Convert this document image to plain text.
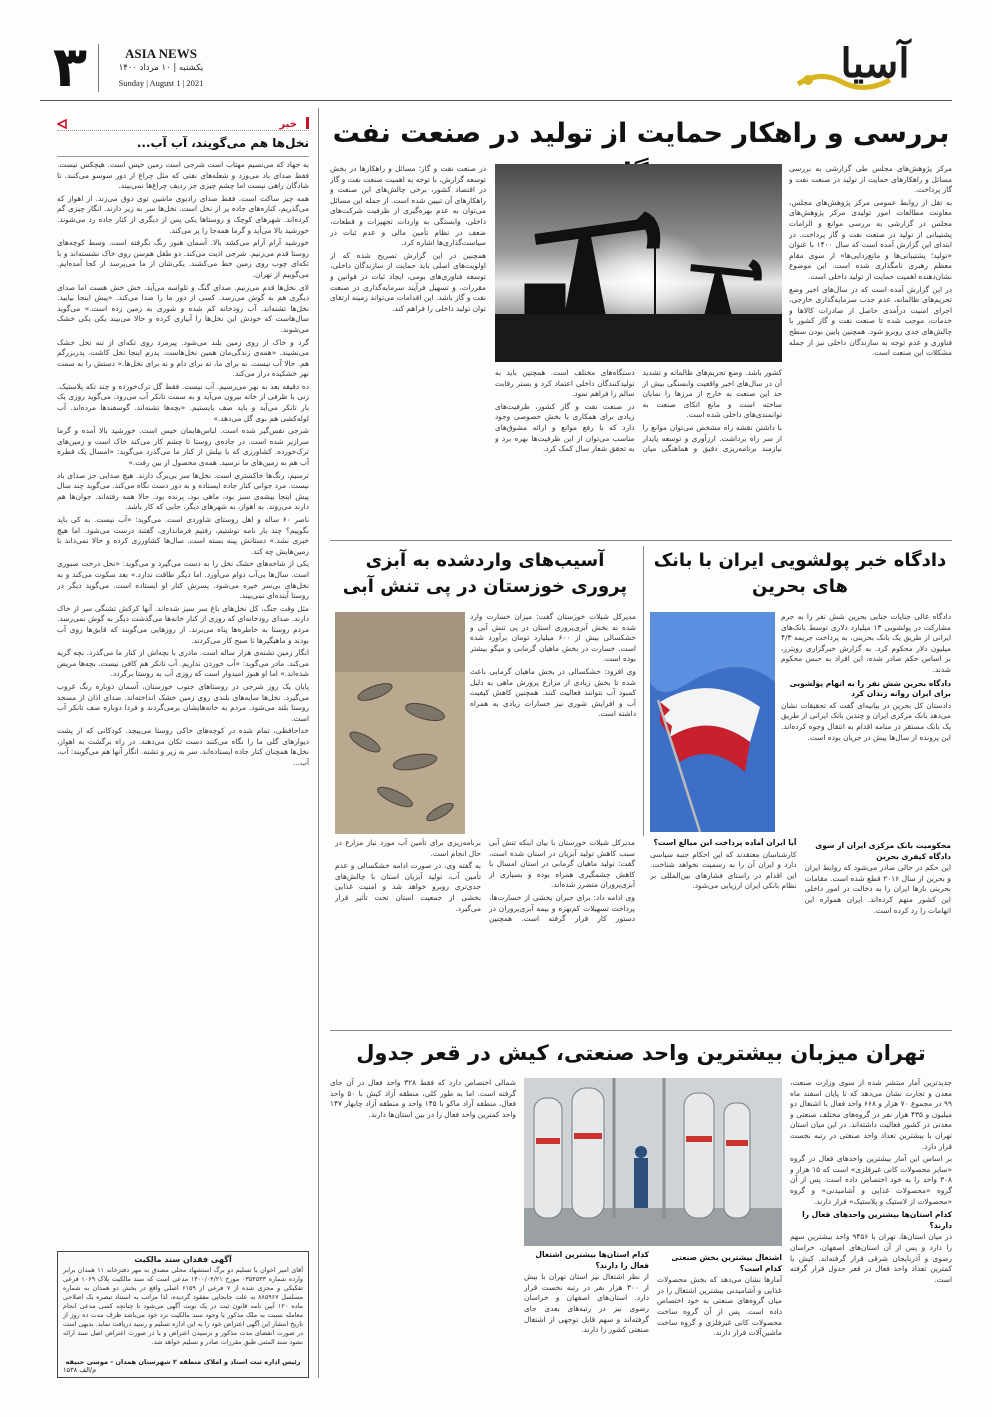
۳	ASIA NEWS
یکشنبه | ۱۰ مرداد ۱۴۰۰
Sunday | August 1 | 2021	آسیا
خبر
نخل‌ها هم می‌گویند، آب آب...

به جهاد که می‌نسیم مهتاب است شرجی است زمین خیس است. هیچکس نیست. فقط صدای باد می‌وزد و شعله‌های نفتی که مثل چراغ از دور سوسو می‌کنند. تا شادگان راهی نیست اما چشم چیزی جز ردیف چراغ‌ها نمی‌بیند.

همه چیز ساکت است. فقط صدای رادیوی ماشین توی دوق می‌زند. از اهواز که می‌گذریم، کناره‌های جاده پر از نخل است. نخل‌ها سر به زیر دارند. انگار چیزی گم کرده‌اند. شهرهای کوچک و روستاها یکی پس از دیگری از کنار جاده رد می‌شوند. خورشید بالا می‌آید و گرما همه‌جا را پر می‌کند.

خورشید آرام آرام می‌کشد بالا. آسمان هنوز رنگ نگرفته است. وسط کوچه‌های روستا قدم می‌زنیم. شرجی اذیت می‌کند. دو طفل هم‌سن روی خاک نشسته‌اند و با تکه‌ای چوب روی زمین خط می‌کشند. یکی‌شان از ما می‌پرسد از کجا آمده‌ایم. می‌گوییم از تهران.

لای نخل‌ها قدم می‌زنیم. صدای گنگ و تلواسه می‌آید. خش خش هست اما صدای دیگری هم به گوش می‌رسد. کسی از دور ما را صدا می‌کند. «پیش اینجا بیایید. نخل‌ها تشنه‌اند. آب رودخانه کم شده و شوری به زمین زده است.» می‌گوید سال‌هاست که خودش این نخل‌ها را آبیاری کرده و حالا می‌بیند یکی یکی خشک می‌شوند.

گرد و خاک از روی زمین بلند می‌شود. پیرمرد روی تکه‌ای از تنه نخل خشک می‌نشیند. «همه‌ی زندگی‌مان همین نخل‌هاست. پدرم اینجا نخل کاشت. پدربزرگم هم. حالا آب نیست. نه برای ما، نه برای دام و نه برای نخل‌ها.» دستش را به سمت نهر خشکیده دراز می‌کند.

ده دقیقه بعد به نهر می‌رسیم. آب نیست. فقط گل ترک‌خورده و چند تکه پلاستیک. زنی با ظرفی از خانه بیرون می‌آید و به سمت تانکر آب می‌رود. می‌گوید روزی یک بار تانکر می‌آید و باید صف بایستیم. «بچه‌ها تشنه‌اند. گوسفندها مرده‌اند. آب لوله‌کشی هم بوی گل می‌دهد.»

شرجی نفس‌گیر شده است. لباس‌هایمان خیس است. خورشید بالا آمده و گرما سرازیر شده است. در جاده‌ی روستا تا چشم کار می‌کند خاک است و زمین‌های ترک‌خورده. کشاورزی که با بیلش از کنار ما می‌گذرد می‌گوید: «امسال یک قطره آب هم به زمین‌های ما نرسید. همه‌ی محصول از بین رفت.»

ترسیم، رنگ‌ها خاکستری است. نخل‌ها سر بی‌برگ دارند. هیچ صدایی جز صدای باد نیست. مرد جوانی کنار جاده ایستاده و به دور دست نگاه می‌کند. می‌گوید چند سال پیش اینجا بیشه‌ی سبز بود، ماهی بود، پرنده بود. حالا همه رفته‌اند. جوان‌ها هم دارند می‌روند. به اهواز، به شهرهای دیگر، جایی که کار باشد.

ناصر ۶۰ ساله و اهل روستای شاوردی است. می‌گوید: «آب نیست. به کی باید بگوییم؟ چند بار نامه نوشتیم، رفتیم فرمانداری، گفتند درست می‌شود. اما هیچ خبری نشد.» دستانش پینه بسته است. سال‌ها کشاورزی کرده و حالا نمی‌داند با زمین‌هایش چه کند.

یکی از شاخه‌های خشک نخل را به دست می‌گیرد و می‌گوید: «نخل درخت صبوری است. سال‌ها بی‌آب دوام می‌آورد. اما دیگر طاقت ندارد.» بعد سکوت می‌کند و به نخل‌های بی‌سر خیره می‌شود. پسرش کنار او ایستاده است. می‌گوید دیگر در روستا آینده‌ای نمی‌بیند.

مثل وقت جنگ، کل نخل‌های باغ سر سبز شده‌اند. آنها کرکش تشنگی سر از خاک دارند. صدای رودخانه‌ای که روزی از کنار خانه‌ها می‌گذشت دیگر به گوش نمی‌رسد. مردم روستا به خاطره‌ها پناه می‌برند. از روزهایی می‌گویند که قایق‌ها روی آب بودند و ماهیگیرها تا صبح کار می‌کردند.

انگار زمین تشنه‌ی هزار ساله است. مادری با بچه‌اش از کنار ما می‌گذرد. بچه گریه می‌کند. مادر می‌گوید: «آب خوردن نداریم. آب تانکر هم کافی نیست. بچه‌ها مریض شده‌اند.» اما او هنوز امیدوار است که روزی آب به روستا برگردد.

پایان یک روز شرجی در روستاهای جنوب خوزستان، آسمان دوباره رنگ غروب می‌گیرد. نخل‌ها سایه‌های بلندی روی زمین خشک انداخته‌اند. صدای اذان از مسجد روستا بلند می‌شود. مردم به خانه‌هایشان برمی‌گردند و فردا دوباره صف تانکر آب است.

خداحافظی، تمام شده در کوچه‌های خاکی روستا می‌پیچد. کودکانی که از پشت دیوارهای گلی ما را نگاه می‌کنند دست تکان می‌دهند. در راه برگشت به اهواز، نخل‌ها همچنان کنار جاده ایستاده‌اند. سر به زیر و تشنه. انگار آنها هم می‌گویند: آب، آب...

آگهی فقدان سند مالکیت
آقای امیر اخوان با تسلیم دو برگ استشهاد محلی مصدق به مهر دفترخانه ۱۱ همدان برابر وارده شماره ۰۳۵۴۵۳۳ مورخ ۱۴۰۰/۰۴/۲۱ مدعی است که سند مالکیت پلاک ۱۰۶۹ فرعی تفکیکی و مجزی شده از ۷ فرعی از ۶۱۵۹ اصلی واقع در بخش دو همدان به شماره مسلسل ۸۸۵۹۶۷ به علت جابجایی مفقود گردیده، لذا مراتب به استناد تبصره یک اصلاحی ماده ۱۲۰ آیین نامه قانون ثبت در یک نوبت آگهی می‌شود تا چنانچه کسی مدعی انجام معامله نسبت به ملک مذکور یا وجود سند مالکیت نزد خود می‌باشد ظرف مدت ده روز از تاریخ انتشار این آگهی اعتراض خود را به این اداره تسلیم و رسید دریافت نماید. بدیهی است در صورت انقضای مدت مذکور و نرسیدن اعتراض و یا در صورت اعتراض اصل سند ارائه نشود سند المثنی طبق مقررات صادر و تسلیم خواهد شد.
رئیس اداره ثبت اسناد و املاک منطقه ۲ شهرستان همدان - موسی حنیفه
م/الف ۱۵۳۸
بررسی و راهکار حمایت از تولید در صنعت نفت

مرکز پژوهش‌های مجلس طی گزارشی به بررسی مسائل و راهکارهای حمایت از تولید در صنعت نفت و گاز پرداخت.

به تقل از روابط عمومی مرکز پژوهش‌های مجلس، معاونت مطالعات امور تولیدی مرکز پژوهش‌های مجلس در گزارشی به بررسی موانع و الزامات پشتیبانی از تولید در صنعت نفت و گاز پرداخت. در ابتدای این گزارش آمده است که سال ۱۴۰۰ با عنوان «تولید؛ پشتیبانی‌ها و مانع‌زدایی‌ها» از سوی مقام معظم رهبری نامگذاری شده است. این موضوع نشان‌دهنده اهمیت حمایت از تولید داخلی است.

در این گزارش آمده است که در سال‌های اخیر وضع تحریم‌های ظالمانه، عدم جذب سرمایه‌گذاری خارجی، اجرای امنیت درآمدی حاصل از صادرات کالاها و خدمات، موجب شده تا صنعت نفت و گاز کشور با چالش‌های جدی روبرو شود. همچنین پایین بودن سطح فناوری و عدم توجه به سازندگان داخلی نیز از جمله مشکلات این صنعت است.

در صنعت نفت و گاز؛ مسائل و راهکارها در بخش توسعه گزارش، با توجه به اهمیت صنعت نفت و گاز در اقتصاد کشور، برخی چالش‌های این صنعت و راهکارهای آن تبیین شده است. از جمله این مسائل می‌توان به عدم بهره‌گیری از ظرفیت شرکت‌های داخلی، وابستگی به واردات تجهیزات و قطعات، ضعف در نظام تأمین مالی و عدم ثبات در سیاست‌گذاری‌ها اشاره کرد.

همچنین در این گزارش تصریح شده که از اولویت‌های اصلی باید حمایت از سازندگان داخلی، توسعه فناوری‌های بومی، ایجاد ثبات در قوانین و مقررات، و تسهیل فرآیند سرمایه‌گذاری در صنعت نفت و گاز باشد. این اقدامات می‌تواند زمینه ارتقای توان تولید داخلی را فراهم کند.

کشور باشد. وضع تحریم‌های ظالمانه و تشدید آن در سال‌های اخیر واقعیت وابستگی بیش از حد این صنعت به خارج از مرزها را نمایان ساخته است و مانع اتکای صنعت به توانمندی‌های داخلی شده است.

با داشتن نقشه راه مشخص می‌توان موانع را از سر راه برداشت. ارزآوری و توسعه پایدار نیازمند برنامه‌ریزی دقیق و هماهنگی میان دستگاه‌های مختلف است. همچنین باید به تولیدکنندگان داخلی اعتماد کرد و بستر رقابت سالم را فراهم نمود.

در صنعت نفت و گاز کشور، ظرفیت‌های زیادی برای همکاری با بخش خصوصی وجود دارد که با رفع موانع و ارائه مشوق‌های مناسب می‌توان از این ظرفیت‌ها بهره برد و به تحقق شعار سال کمک کرد.

دادگاه خبر پولشویی ایران با بانک های بحرین

دادگاه عالی جنایات جنایی بحرین شش نفر را به جرم مشارکت در پولشویی ۱۳ میلیارد دلاری توسط بانک‌های ایرانی از طریق یک بانک بحرینی، به پرداخت جریمه ۴/۳ میلیون دلار محکوم کرد. به گزارش خبرگزاری رویترز، بر اساس حکم صادر شده، این افراد به حبس محکوم شدند.

دادگاه بحرین شش نفر را به اتهام پولشویی برای ایران روانه زندان کرد

دادستان کل بحرین در بیانیه‌ای گفت که تحقیقات نشان می‌دهد بانک مرکزی ایران و چندین بانک ایرانی از طریق یک بانک مستقر در منامه اقدام به انتقال وجوه کرده‌اند. این پرونده از سال‌ها پیش در جریان بوده است.

آسیب‌های واردشده به آبزی پروری خوزستان در پی تنش آبی

مدیرکل شیلات خوزستان گفت: میزان خسارت وارد شده به بخش آبزی‌پروری استان در پی تنش آبی و خشکسالی بیش از ۶۰۰ میلیارد تومان برآورد شده است. خسارت در بخش ماهیان گرمابی و میگو بیشتر بوده است.

وی افزود: خشکسالی در بخش ماهیان گرمابی باعث شده تا بخش زیادی از مزارع پرورش ماهی به دلیل کمبود آب نتوانند فعالیت کنند. همچنین کاهش کیفیت آب و افزایش شوری نیز خسارات زیادی به همراه داشته است.

محکومیت بانک مرکزی ایران از سوی دادگاه کیفری بحرین

این حکم در حالی صادر می‌شود که روابط ایران و بحرین از سال ۲۰۱۶ قطع شده است. مقامات بحرینی بارها ایران را به دخالت در امور داخلی این کشور متهم کرده‌اند. ایران همواره این اتهامات را رد کرده است.

آیا ایران آماده پرداخت این مبالغ است؟

کارشناسان معتقدند که این احکام جنبه سیاسی دارد و ایران آن را به رسمیت نخواهد شناخت. این اقدام در راستای فشارهای بین‌المللی بر نظام بانکی ایران ارزیابی می‌شود.

مدیرکل شیلات خوزستان با بیان اینکه تنش آبی سبب کاهش تولید آبزیان در استان شده است، گفت: تولید ماهیان گرمابی در استان امسال با کاهش چشمگیری همراه بوده و بسیاری از آبزی‌پروران متضرر شده‌اند.

وی ادامه داد: برای جبران بخشی از خسارت‌ها، پرداخت تسهیلات کم‌بهره و بیمه آبزی‌پروران در دستور کار قرار گرفته است. همچنین برنامه‌ریزی برای تأمین آب مورد نیاز مزارع در حال انجام است.

به گفته وی، در صورت ادامه خشکسالی و عدم تأمین آب، تولید آبزیان استان با چالش‌های جدی‌تری روبرو خواهد شد و امنیت غذایی بخشی از جمعیت استان تحت تأثیر قرار می‌گیرد.

تهران میزبان بیشترین واحد صنعتی، کیش در قعر جدول

جدیدترین آمار منتشر شده از سوی وزارت صنعت، معدن و تجارت نشان می‌دهد که تا پایان اسفند ماه ۹۹ در مجموع ۷۰ هزار و ۶۶۸ واحد فعال با اشتغال دو میلیون و ۴۳۵ هزار نفر در گروه‌های مختلف صنعتی و معدنی در کشور فعالیت داشته‌اند. در این میان استان تهران با بیشترین تعداد واحد صنعتی در رتبه نخست قرار دارد.

بر اساس این آمار بیشترین واحدهای فعال در گروه «سایر محصولات کانی غیرفلزی» است که ۱۵ هزار و ۳۰۸ واحد را به خود اختصاص داده است. پس از آن گروه «محصولات غذایی و آشامیدنی» و گروه «محصولات از لاستیک و پلاستیک» قرار دارند.

کدام استان‌ها بیشترین واحدهای فعال را دارند؟

در میان استان‌ها، تهران با ۹۴۵۶ واحد بیشترین سهم را دارد و پس از آن استان‌های اصفهان، خراسان رضوی و آذربایجان شرقی قرار گرفته‌اند. کیش با کمترین تعداد واحد فعال در قعر جدول قرار گرفته است.

اشتغال بیشترین بخش صنعتی کدام است؟

آمارها نشان می‌دهد که بخش محصولات غذایی و آشامیدنی بیشترین اشتغال را در میان گروه‌های صنعتی به خود اختصاص داده است. پس از آن گروه ساخت محصولات کانی غیرفلزی و گروه ساخت ماشین‌آلات قرار دارند.

کدام استان‌ها بیشترین اشتغال فعال را دارند؟

از نظر اشتغال نیز استان تهران با بیش از ۳۰۰ هزار نفر در رتبه نخست قرار دارد. استان‌های اصفهان و خراسان رضوی نیز در رتبه‌های بعدی جای گرفته‌اند و سهم قابل توجهی از اشتغال صنعتی کشور را دارند.

شمالی اختصاص دارد که فقط ۳۲۸ واحد فعال در آن جای گرفته است. اما به طور کلی، منطقه آزاد کیش با ۵۰ واحد فعال، منطقه آزاد ماکو با ۱۴۵ واحد و منطقه آزاد چابهار ۱۴۷ واحد کمترین واحد فعال را در بین استان‌ها دارند.
